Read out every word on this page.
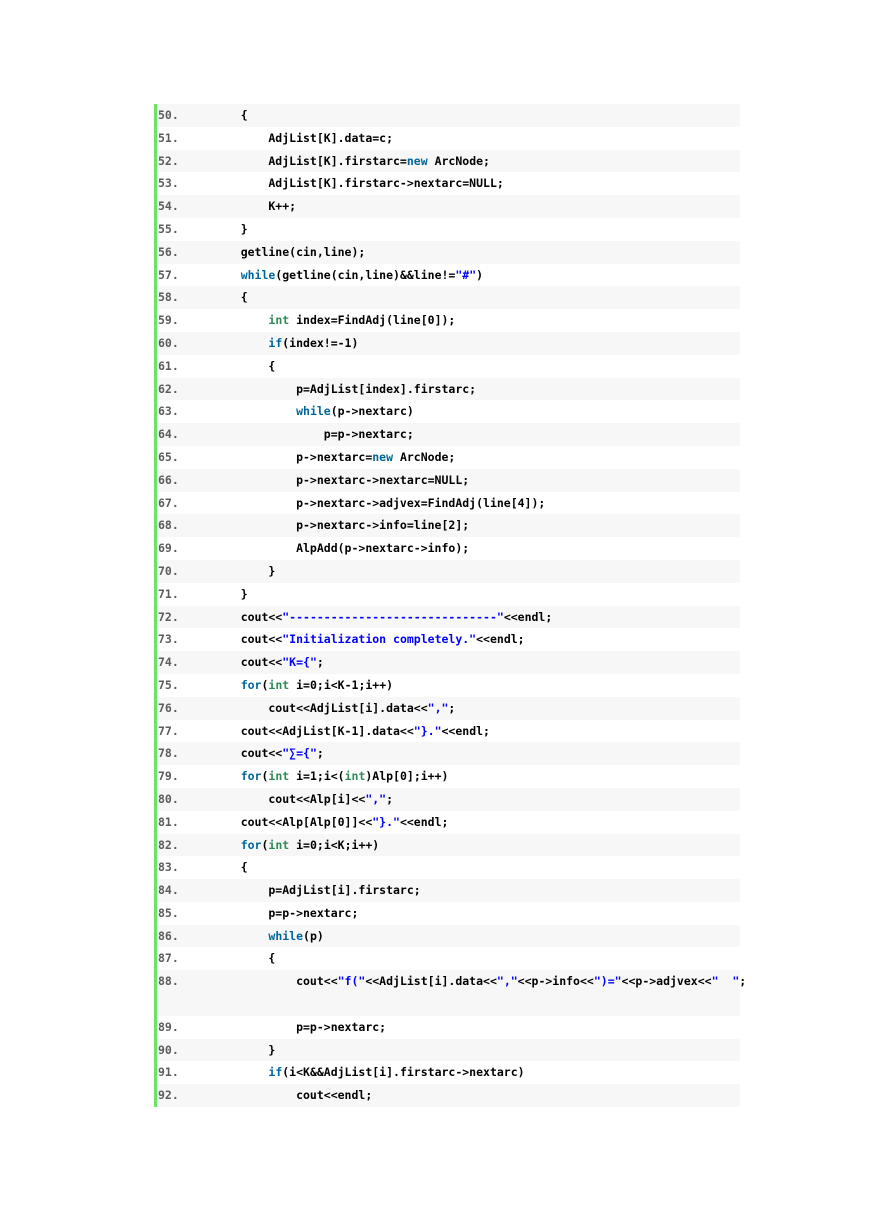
50.	{
51.	AdjList[K].data=c;
52.	AdjList[K].firstarc=new ArcNode;
53.	AdjList[K].firstarc->nextarc=NULL;
54.	K++;
55.	}
56.	getline(cin,line);
57.	while(getline(cin,line)&&line!="#")
58.	{
59.	int index=FindAdj(line[0]);
60.	if(index!=-1)
61.	{
62.	p=AdjList[index].firstarc;
63.	while(p->nextarc)
64.	p=p->nextarc;
65.	p->nextarc=new ArcNode;
66.	p->nextarc->nextarc=NULL;
67.	p->nextarc->adjvex=FindAdj(line[4]);
68.	p->nextarc->info=line[2];
69.	AlpAdd(p->nextarc->info);
70.	}
71.	}
72.	cout<<"------------------------------"<<endl;
73.	cout<<"Initialization completely."<<endl;
74.	cout<<"K={";
75.	for(int i=0;i<K-1;i++)
76.	cout<<AdjList[i].data<<",";
77.	cout<<AdjList[K-1].data<<"}."<<endl;
78.	cout<<"∑={";
79.	for(int i=1;i<(int)Alp[0];i++)
80.	cout<<Alp[i]<<",";
81.	cout<<Alp[Alp[0]]<<"}."<<endl;
82.	for(int i=0;i<K;i++)
83.	{
84.	p=AdjList[i].firstarc;
85.	p=p->nextarc;
86.	while(p)
87.	{
88.	cout<<"f("<<AdjList[i].data<<","<<p->info<<")="<<p->adjvex<<"  ";
89.	p=p->nextarc;
90.	}
91.	if(i<K&&AdjList[i].firstarc->nextarc)
92.	cout<<endl;
